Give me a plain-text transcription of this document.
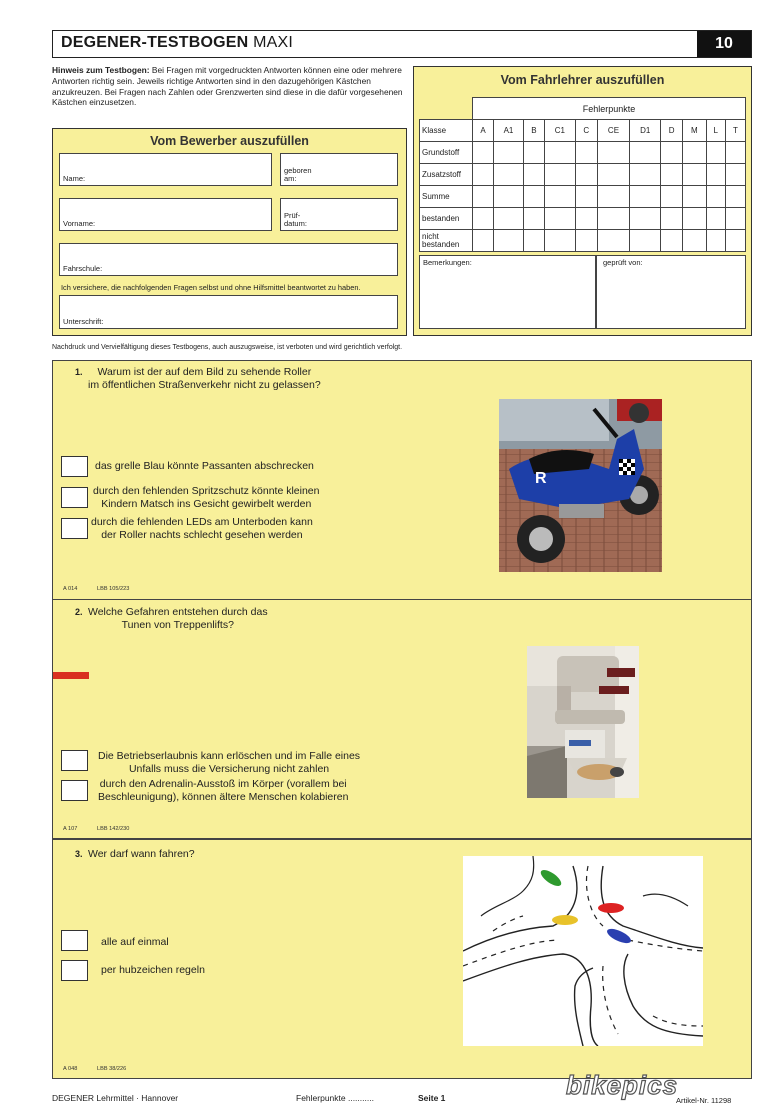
DEGENER-TESTBOGEN MAXI	10
Hinweis zum Testbogen: Bei Fragen mit vorgedruckten Antworten können eine oder mehrere Antworten richtig sein. Jeweils richtige Antworten sind in den dazugehörigen Kästchen anzukreuzen. Bei Fragen nach Zahlen oder Grenzwerten sind diese in die dafür vorgesehenen Kästchen einzusetzen.
Vom Bewerber auszufüllen
Name:
geboren
am:
Vorname:
Prüf-
datum:
Fahrschule:
Ich versichere, die nachfolgenden Fragen selbst und ohne Hilfsmittel beantwortet zu haben.
Unterschrift:
Vom Fahrlehrer auszufüllen
	Fehlerpunkte										
Klasse	A	A1	B	C1	C	CE	D1	D	M	L	T
Grundstoff											
Zusatzstoff											
Summe											
bestanden											
nicht
bestanden											
Bemerkungen:	geprüft von:
Nachdruck und Vervielfältigung dieses Testbogens, auch auszugsweise, ist verboten und wird gerichtlich verfolgt.
1.	Warum ist der auf dem Bild zu sehende Roller
im öffentlichen Straßenverkehr nicht zu gelassen?
das grelle Blau könnte Passanten abschrecken
durch den fehlenden Spritzschutz könnte kleinen
Kindern Matsch ins Gesicht gewirbelt werden
durch die fehlenden LEDs am Unterboden kann
der Roller nachts schlecht gesehen werden
A 014	LBB 105/223
R
2. Welche Gefahren entstehen durch das
Tunen von Treppenlifts?
Die Betriebserlaubnis kann erlöschen und im Falle eines
Unfalls muss die Versicherung nicht zahlen
durch den Adrenalin-Ausstoß im Körper (vorallem bei
Beschleunigung), können ältere Menschen kolabieren
A 107	LBB 142/230
3. Wer darf wann fahren?
alle auf einmal
per hubzeichen regeln
A 048	LBB 38/226
DEGENER Lehrmittel · Hannover	Fehlerpunkte ...........	Seite 1	Artikel-Nr. 11298
bikepics
